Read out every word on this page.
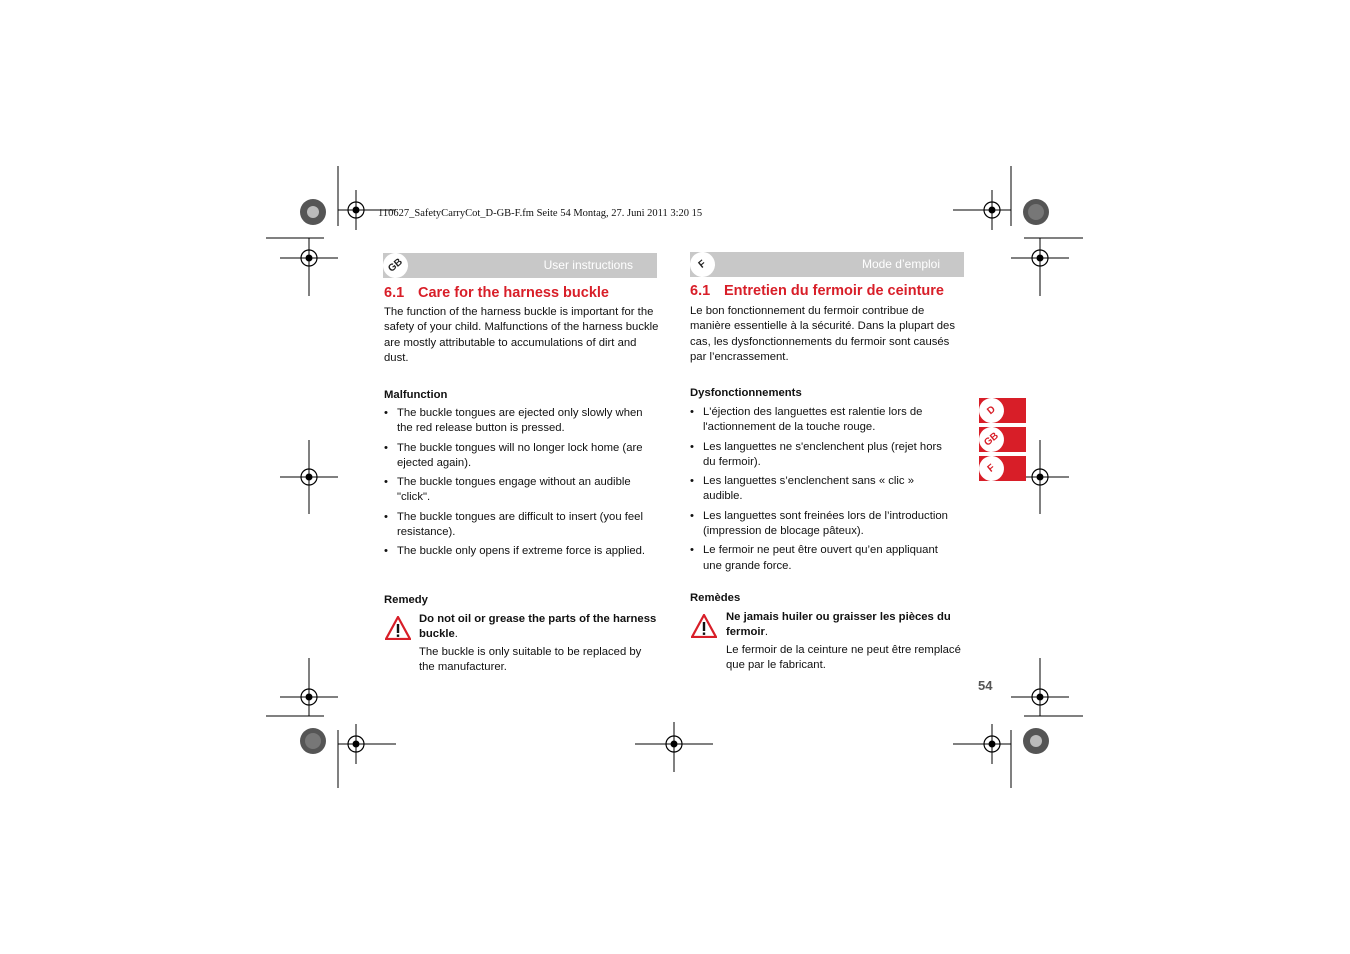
110627_SafetyCarryCot_D-GB-F.fm Seite 54 Montag, 27. Juni 2011 3:20 15
GB	User instructions
6.1 Care for the harness buckle
The function of the harness buckle is important for the safety of your child. Malfunctions of the harness buckle are mostly attributable to accumulations of dirt and dust.
Malfunction
• The buckle tongues are ejected only slowly when the red release button is pressed.
• The buckle tongues will no longer lock home (are ejected again).
• The buckle tongues engage without an audible "click".
• The buckle tongues are difficult to insert (you feel resistance).
• The buckle only opens if extreme force is applied.
Remedy
Do not oil or grease the parts of the harness buckle.
The buckle is only suitable to be replaced by the manufacturer.
F	Mode d’emploi
6.1 Entretien du fermoir de ceinture
Le bon fonctionnement du fermoir contribue de manière essentielle à la sécurité. Dans la plupart des cas, les dysfonctionnements du fermoir sont causés par l’encrassement.
Dysfonctionnements
• L'éjection des languettes est ralentie lors de l'actionnement de la touche rouge.
• Les languettes ne s'enclenchent plus (rejet hors du fermoir).
• Les languettes s’enclenchent sans « clic » audible.
• Les languettes sont freinées lors de l’introduction (impression de blocage pâteux).
• Le fermoir ne peut être ouvert qu’en appliquant une grande force.
Remèdes
Ne jamais huiler ou graisser les pièces du fermoir.
Le fermoir de la ceinture ne peut être remplacé que par le fabricant.
D
GB
F
54
